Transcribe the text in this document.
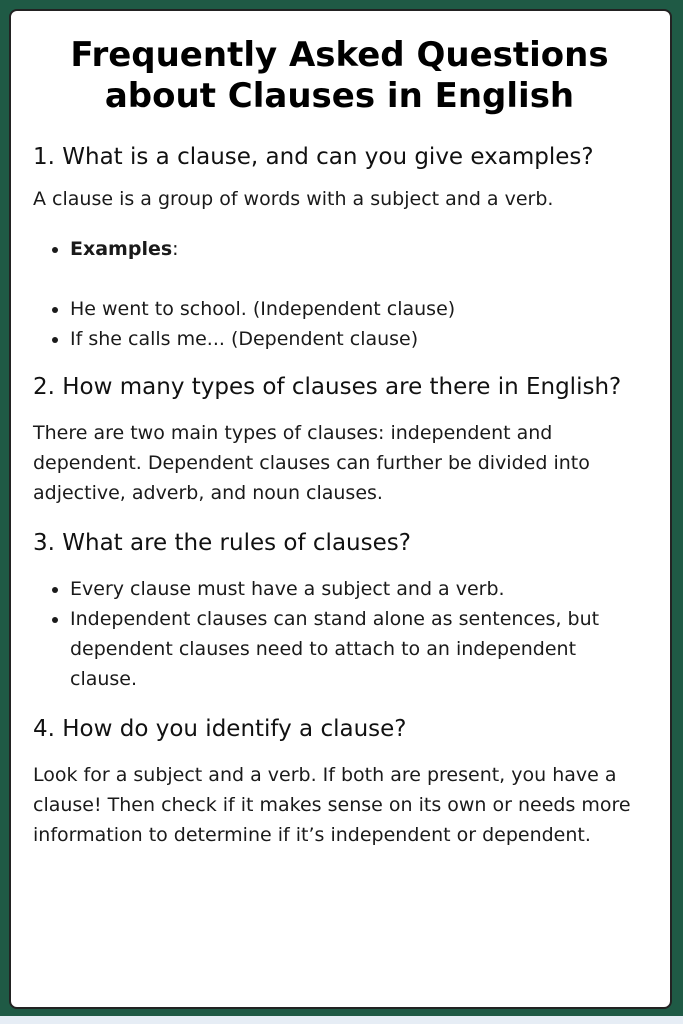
Frequently Asked Questions
about Clauses in English

1. What is a clause, and can you give examples?

A clause is a group of words with a subject and a verb.

• Examples:
• He went to school. (Independent clause)
• If she calls me... (Dependent clause)

2. How many types of clauses are there in English?

There are two main types of clauses: independent and dependent. Dependent clauses can further be divided into adjective, adverb, and noun clauses.

3. What are the rules of clauses?

• Every clause must have a subject and a verb.
• Independent clauses can stand alone as sentences, but dependent clauses need to attach to an independent clause.

4. How do you identify a clause?

Look for a subject and a verb. If both are present, you have a clause! Then check if it makes sense on its own or needs more information to determine if it’s independent or dependent.
